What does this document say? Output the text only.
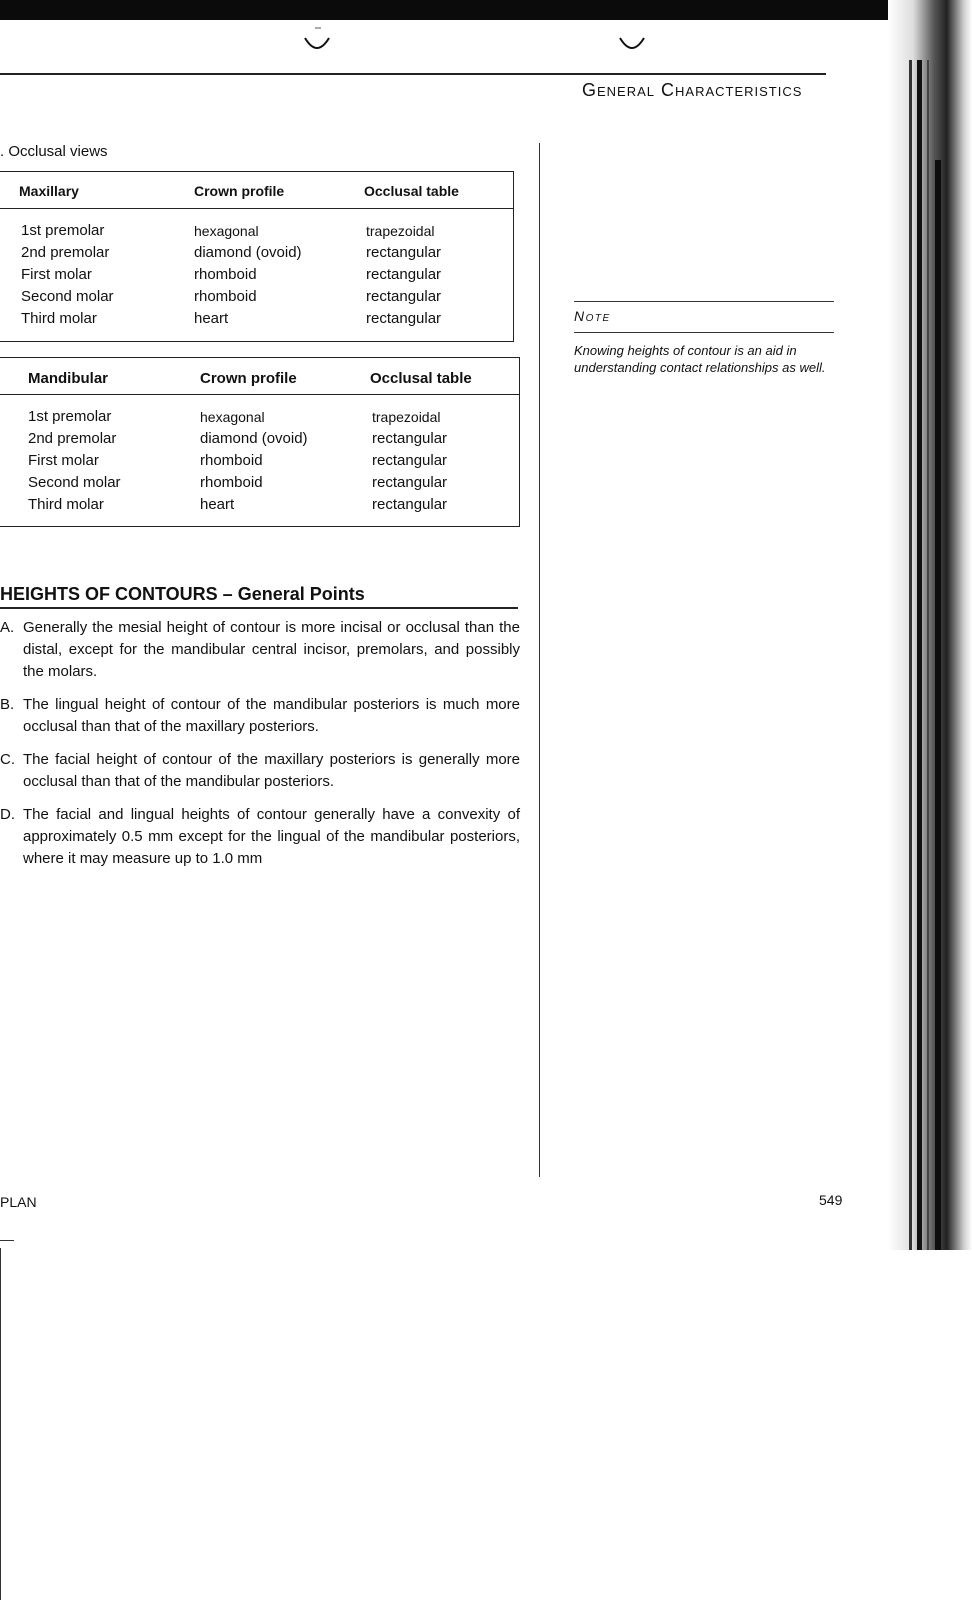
General Characteristics
. Occlusal views
Maxillary	Crown profile	Occlusal table
1st premolar	hexagonal	trapezoidal
2nd premolar	diamond (ovoid)	rectangular
First molar	rhomboid	rectangular
Second molar	rhomboid	rectangular
Third molar	heart	rectangular
Mandibular	Crown profile	Occlusal table
1st premolar	hexagonal	trapezoidal
2nd premolar	diamond (ovoid)	rectangular
First molar	rhomboid	rectangular
Second molar	rhomboid	rectangular
Third molar	heart	rectangular
HEIGHTS OF CONTOURS – General Points
A. Generally the mesial height of contour is more incisal or occlusal than the distal, except for the mandibular central incisor, premolars, and possibly the molars.
B. The lingual height of contour of the mandibular posteriors is much more occlusal than that of the maxillary posteriors.
C. The facial height of contour of the maxillary posteriors is generally more occlusal than that of the mandibular posteriors.
D. The facial and lingual heights of contour generally have a convexity of approximately 0.5 mm except for the lingual of the mandibular posteriors, where it may measure up to 1.0 mm
Note
Knowing heights of contour is an aid in understanding contact relationships as well.
PLAN	549
